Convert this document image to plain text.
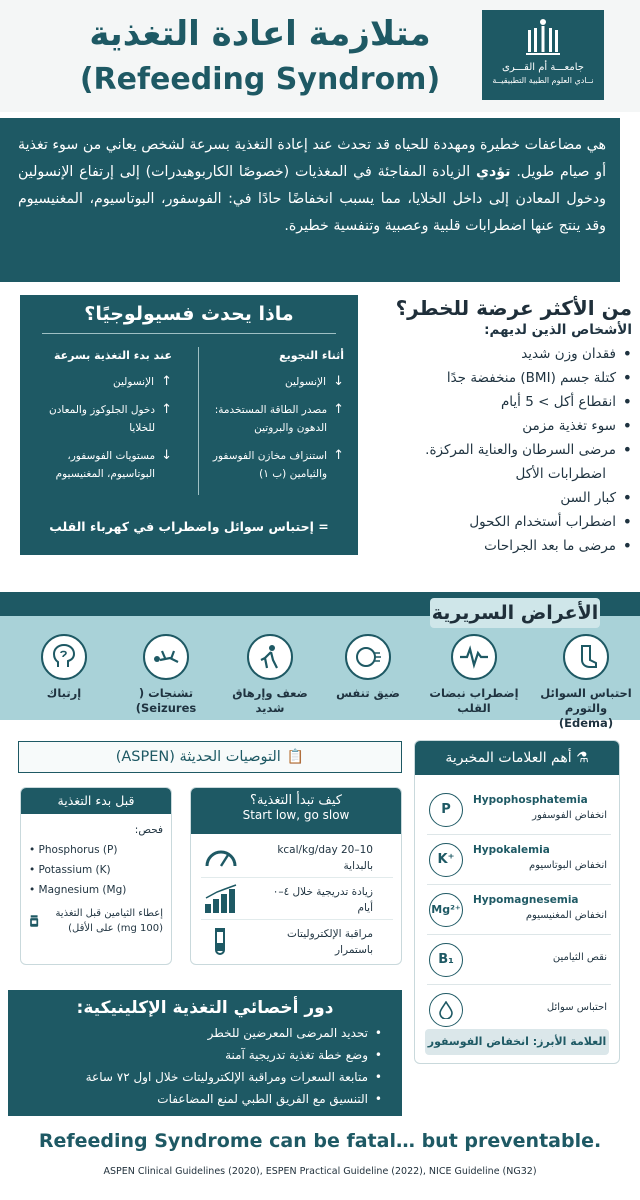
متلازمة اعادة التغذية
(Refeeding Syndrom)	جامعـــة أم القـــرى
نــادي العلوم الطبية التطبيقيــة
هي مضاعفات خطيرة ومهددة للحياه قد تحدث عند إعادة التغذية بسرعة لشخص يعاني من سوء تغذية أو صيام طويل. تؤدي الزيادة المفاجئة في المغذيات (خصوصًا الكاربوهيدرات) إلى إرتفاع الإنسولين ودخول المعادن إلى داخل الخلايا، مما يسبب انخفاضًا حادًا في: الفوسفور، البوتاسيوم، المغنيسيوم وقد ينتج عنها اضطرابات قلبية وعصبية وتنفسية خطيرة.
ماذا يحدث فسيولوجيًا؟
أثناء التجويع
↓
الإنسولين
↑
مصدر الطاقة المستخدمة: الدهون والبروتين
↑
استنزاف مخازن الفوسفور والثيامين (ب ١)
عند بدء التغذية بسرعة
↑
الإنسولين
↑
دخول الجلوكوز والمعادن للخلايا
↓
مستويات الفوسفور، البوتاسيوم، المغنيسيوم
= إحتباس سوائل واضطراب في كهرباء القلب
من الأكثر عرضة للخطر؟
الأشخاص الذين لديهم:
• فقدان وزن شديد
• كتلة جسم (BMI) منخفضة جدًا
• انقطاع أكل > 5 أيام
• سوء تغذية مزمن
• مرضى السرطان والعناية المركزة.
اضطرابات الأكل
• كبار السن
• اضطراب أستخدام الكحول
• مرضى ما بعد الجراحات
الأعراض السريرية
احتباس السوائل والتورم (Edema)
إضطراب نبضات القلب
ضيق تنفس
ضعف وإرهاق شديد
تشنجات ( Seizures)
إرتباك
⚗ أهم العلامات المخبرية
P
Hypophosphatemia
انخفاض الفوسفور
K⁺
Hypokalemia
انخفاض البوتاسيوم
Mg²⁺
Hypomagnesemia
انخفاض المغنيسيوم
B₁	نقص الثيامين
احتباس سوائل
العلامة الأبرز: انخفاض الفوسفور
📋التوصيات الحديثة (ASPEN)
قبل بدء التغذية
فحص:
• Phosphorus (P)
• Potassium (K)
• Magnesium (Mg)
إعطاء الثيامين قبل التغذية (100 mg) على الأقل)
كيف تبدأ التغذية؟
Start low, go slow
10–20 kcal/kg/day بالبداية
زيادة تدريجية خلال ٤–٠ أيام
مراقبة الإلكتروليتات باستمرار
دور أخصائي التغذية الإكلينيكية:
• تحديد المرضى المعرضين للخطر
• وضع خطة تغذية تدريجية آمنة
• متابعة السعرات ومراقبة الإلكتروليتات خلال اول ٧٢ ساعة
• التنسيق مع الفريق الطبي لمنع المضاعفات
Refeeding Syndrome can be fatal… but preventable.
ASPEN Clinical Guidelines (2020), ESPEN Practical Guideline (2022), NICE Guideline (NG32)
